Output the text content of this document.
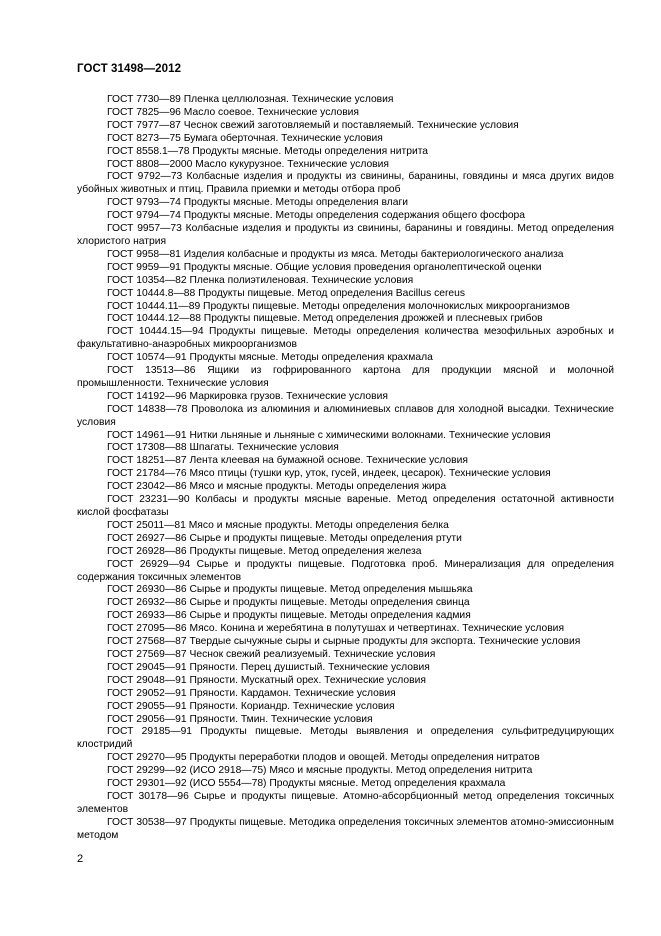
ГОСТ 31498—2012

ГОСТ 7730—89 Пленка целлюлозная. Технические условия

ГОСТ 7825—96 Масло соевое. Технические условия

ГОСТ 7977—87 Чеснок свежий заготовляемый и поставляемый. Технические условия

ГОСТ 8273—75 Бумага оберточная. Технические условия

ГОСТ 8558.1—78 Продукты мясные. Методы определения нитрита

ГОСТ 8808—2000 Масло кукурузное. Технические условия

ГОСТ 9792—73 Колбасные изделия и продукты из свинины, баранины, говядины и мяса других видов убойных животных и птиц. Правила приемки и методы отбора проб

ГОСТ 9793—74 Продукты мясные. Методы определения влаги

ГОСТ 9794—74 Продукты мясные. Методы определения содержания общего фосфора

ГОСТ 9957—73 Колбасные изделия и продукты из свинины, баранины и говядины. Метод определения хлористого натрия

ГОСТ 9958—81 Изделия колбасные и продукты из мяса. Методы бактериологического анализа

ГОСТ 9959—91 Продукты мясные. Общие условия проведения органолептической оценки

ГОСТ 10354—82 Пленка полиэтиленовая. Технические условия

ГОСТ 10444.8—88 Продукты пищевые. Метод определения Bacillus cereus

ГОСТ 10444.11—89 Продукты пищевые. Методы определения молочнокислых микроорганизмов

ГОСТ 10444.12—88 Продукты пищевые. Метод определения дрожжей и плесневых грибов

ГОСТ 10444.15—94 Продукты пищевые. Методы определения количества мезофильных аэробных и факультативно-анаэробных микроорганизмов

ГОСТ 10574—91 Продукты мясные. Методы определения крахмала

ГОСТ 13513—86 Ящики из гофрированного картона для продукции мясной и молочной промышленности. Технические условия

ГОСТ 14192—96 Маркировка грузов. Технические условия

ГОСТ 14838—78 Проволока из алюминия и алюминиевых сплавов для холодной высадки. Технические условия

ГОСТ 14961—91 Нитки льняные и льняные с химическими волокнами. Технические условия

ГОСТ 17308—88 Шпагаты. Технические условия

ГОСТ 18251—87 Лента клеевая на бумажной основе. Технические условия

ГОСТ 21784—76 Мясо птицы (тушки кур, уток, гусей, индеек, цесарок). Технические условия

ГОСТ 23042—86 Мясо и мясные продукты. Методы определения жира

ГОСТ 23231—90 Колбасы и продукты мясные вареные. Метод определения остаточной активности кислой фосфатазы

ГОСТ 25011—81 Мясо и мясные продукты. Методы определения белка

ГОСТ 26927—86 Сырье и продукты пищевые. Методы определения ртути

ГОСТ 26928—86 Продукты пищевые. Метод определения железа

ГОСТ 26929—94 Сырье и продукты пищевые. Подготовка проб. Минерализация для определения содержания токсичных элементов

ГОСТ 26930—86 Сырье и продукты пищевые. Метод определения мышьяка

ГОСТ 26932—86 Сырье и продукты пищевые. Методы определения свинца

ГОСТ 26933—86 Сырье и продукты пищевые. Методы определения кадмия

ГОСТ 27095—86 Мясо. Конина и жеребятина в полутушах и четвертинах. Технические условия

ГОСТ 27568—87 Твердые сычужные сыры и сырные продукты для экспорта. Технические условия

ГОСТ 27569—87 Чеснок свежий реализуемый. Технические условия

ГОСТ 29045—91 Пряности. Перец душистый. Технические условия

ГОСТ 29048—91 Пряности. Мускатный орех. Технические условия

ГОСТ 29052—91 Пряности. Кардамон. Технические условия

ГОСТ 29055—91 Пряности. Кориандр. Технические условия

ГОСТ 29056—91 Пряности. Тмин. Технические условия

ГОСТ 29185—91 Продукты пищевые. Методы выявления и определения сульфитредуцирующих клостридий

ГОСТ 29270—95 Продукты переработки плодов и овощей. Методы определения нитратов

ГОСТ 29299—92 (ИСО 2918—75) Мясо и мясные продукты. Метод определения нитрита

ГОСТ 29301—92 (ИСО 5554—78) Продукты мясные. Метод определения крахмала

ГОСТ 30178—96 Сырье и продукты пищевые. Атомно-абсорбционный метод определения токсичных элементов

ГОСТ 30538—97 Продукты пищевые. Методика определения токсичных элементов атомно-эмиссионным методом

2
